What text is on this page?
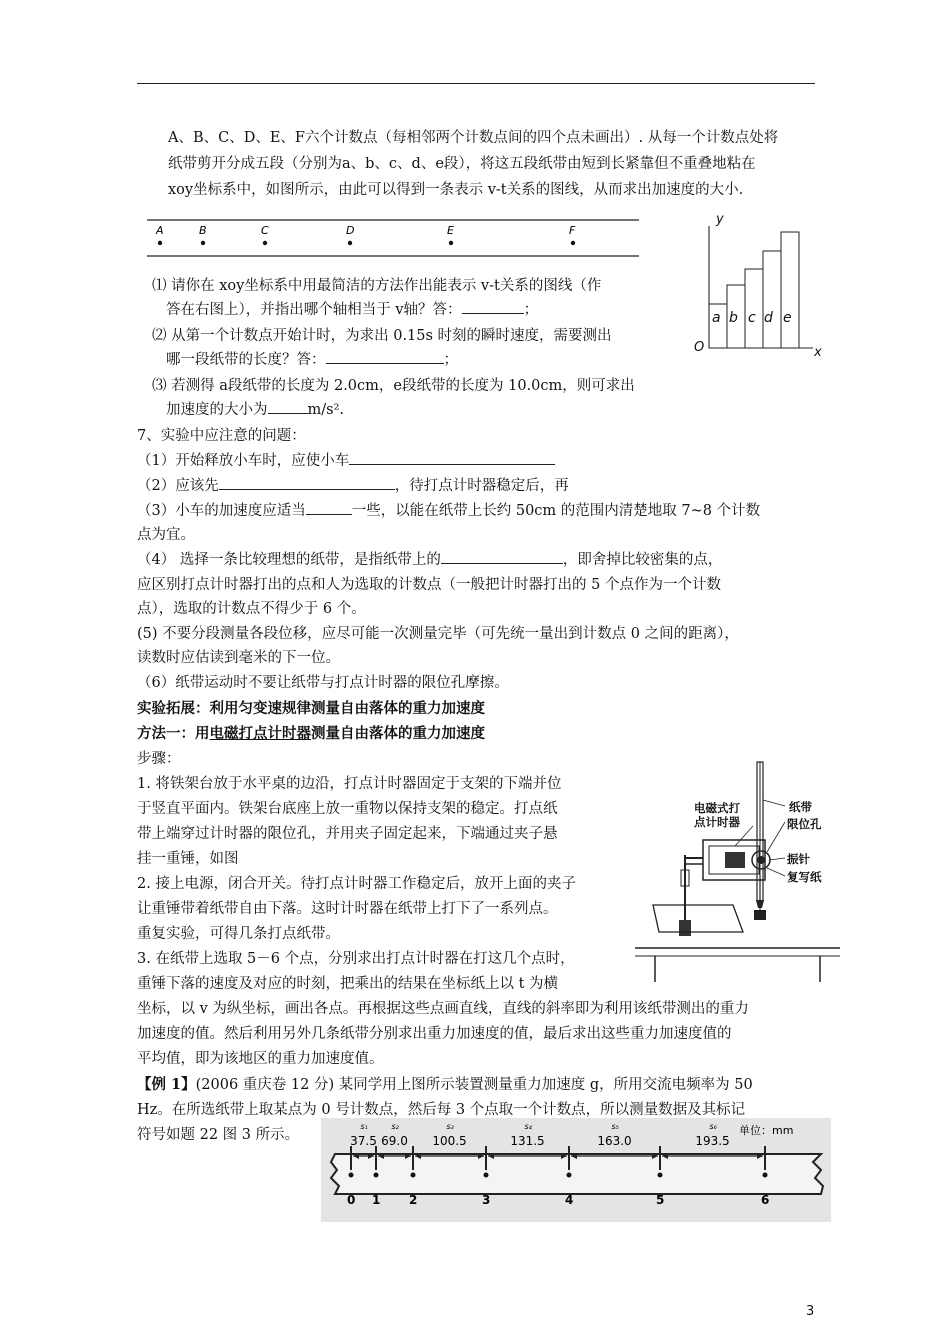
A、B、C、D、E、F六个计数点（每相邻两个计数点间的四个点未画出）. 从每一个计数点处将
纸带剪开分成五段（分别为a、b、c、d、e段），将这五段纸带由短到长紧靠但不重叠地粘在
xoy坐标系中，如图所示，由此可以得到一条表示 v-t关系的图线，从而求出加速度的大小.
A	B	C	D	E	F
y
x
O
a b c d e
⑴ 请你在 xoy坐标系中用最简洁的方法作出能表示 v-t关系的图线（作
答在右图上），并指出哪个轴相当于 v轴？答：	；
⑵ 从第一个计数点开始计时，为求出 0.15s 时刻的瞬时速度，需要测出
哪一段纸带的长度？答：	；
⑶ 若测得 a段纸带的长度为 2.0cm，e段纸带的长度为 10.0cm，则可求出
加速度的大小为	m/s².
7、实验中应注意的问题：
（1）开始释放小车时，应使小车
（2）应该先	，待打点计时器稳定后，再
（3）小车的加速度应适当	一些，以能在纸带上长约 50cm 的范围内清楚地取 7~8 个计数
点为宜。
（4） 选择一条比较理想的纸带，是指纸带上的	，即舍掉比较密集的点，
应区别打点计时器打出的点和人为选取的计数点（一般把计时器打出的 5 个点作为一个计数
点），选取的计数点不得少于 6 个。
(5) 不要分段测量各段位移，应尽可能一次测量完毕（可先统一量出到计数点 0 之间的距离），
读数时应估读到毫米的下一位。
（6）纸带运动时不要让纸带与打点计时器的限位孔摩擦。
实验拓展：利用匀变速规律测量自由落体的重力加速度
方法一：用电磁打点计时器测量自由落体的重力加速度
步骤：
1. 将铁架台放于水平桌的边沿，打点计时器固定于支架的下端并位
于竖直平面内。铁架台底座上放一重物以保持支架的稳定。打点纸
带上端穿过计时器的限位孔，并用夹子固定起来，下端通过夹子悬
挂一重锤，如图
2. 接上电源，闭合开关。待打点计时器工作稳定后，放开上面的夹子
让重锤带着纸带自由下落。这时计时器在纸带上打下了一系列点。
重复实验，可得几条打点纸带。
3. 在纸带上选取 5－6 个点，分别求出打点计时器在打这几个点时，
重锤下落的速度及对应的时刻，把乘出的结果在坐标纸上以 t 为横
坐标，以 v 为纵坐标，画出各点。再根据这些点画直线，直线的斜率即为利用该纸带测出的重力
加速度的值。然后利用另外几条纸带分别求出重力加速度的值，最后求出这些重力加速度值的
平均值，即为该地区的重力加速度值。
电磁式打
点计时器
纸带
限位孔
振针
复写纸
【例 1】(2006 重庆卷 12 分) 某同学用上图所示装置测量重力加速度 g，所用交流电频率为 50
Hz。在所选纸带上取某点为 0 号计数点，然后每 3 个点取一个计数点，所以测量数据及其标记
符号如题 22 图 3 所示。
0 1 2	3	4	5	6
s₁
37.5
s₂
69.0
s₃
100.5
s₄
131.5
s₅
163.0
s₆
193.5
单位：mm
3
